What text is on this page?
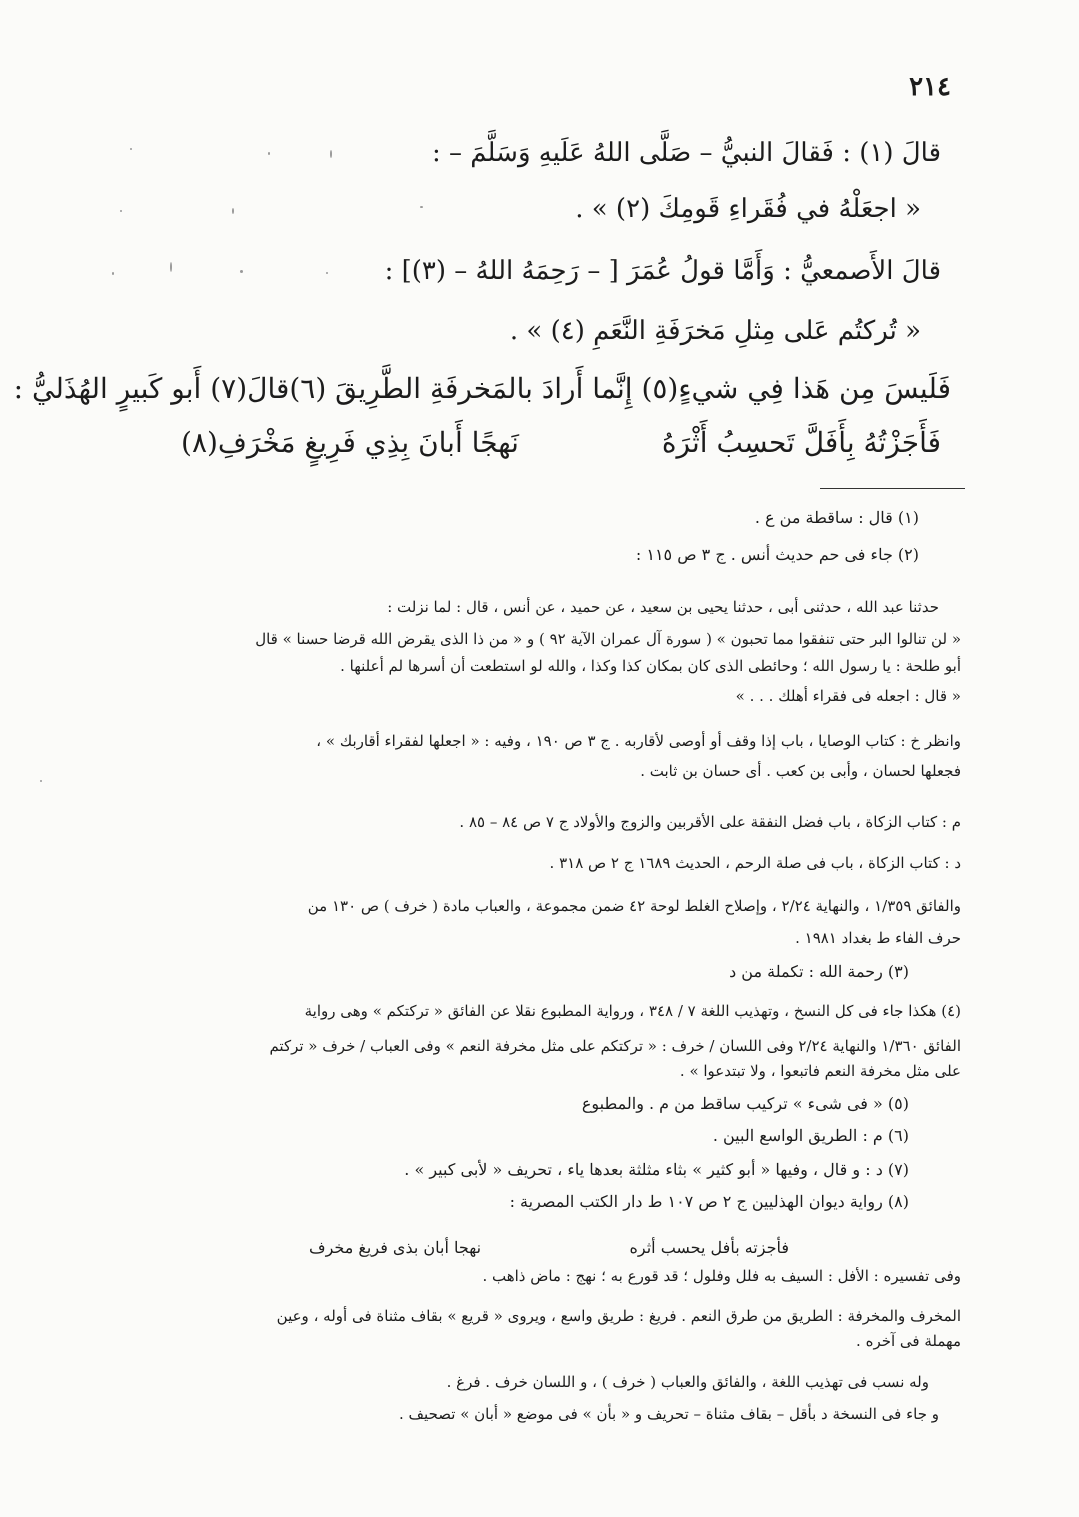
٢١٤
قالَ (١) : فَقالَ النبيُّ – صَلَّى اللهُ عَلَيهِ وَسَلَّمَ – :
« اجعَلْهُ في فُقَراءِ قَومِكَ (٢) » .
قالَ الأَصمعيُّ : وَأَمَّا قولُ عُمَرَ [ – رَحِمَهُ اللهُ – (٣)] :
« تُركتُم عَلى مِثلِ مَخرَفَةِ النَّعَمِ (٤) » .
فَلَيسَ مِن هَذا فِي شيءٍ(٥) إِنَّما أَرادَ بالمَخرفَةِ الطَّرِيقَ (٦)قالَ(٧) أَبو كَبيرٍ الهُذَليُّ :
فَأَجَزْتُهُ بِأَفَلَّ تَحسِبُ أَثْرَهُ
نَهجًا أَبانَ بِذِي فَرِيغٍ مَخْرَفِ(٨)
(١) قال : ساقطة من ع .
(٢) جاء فى حم حديث أنس . ج ٣ ص ١١٥ :
حدثنا عبد الله ، حدثنى أبى ، حدثنا يحيى بن سعيد ، عن حميد ، عن أنس ، قال : لما نزلت :
« لن تنالوا البر حتى تنفقوا مما تحبون » ( سورة آل عمران الآية ٩٢ ) و « من ذا الذى يقرض الله قرضا حسنا » قال
أبو طلحة : يا رسول الله ؛ وحائطى الذى كان بمكان كذا وكذا ، والله لو استطعت أن أسرها لم أعلنها .
« قال : اجعله فى فقراء أهلك . . . »
وانظر خ : كتاب الوصايا ، باب إذا وقف أو أوصى لأقاربه . ج ٣ ص ١٩٠ ، وفيه : « اجعلها لفقراء أقاربك » ،
فجعلها لحسان ، وأبى بن كعب . أى حسان بن ثابت .
م : كتاب الزكاة ، باب فضل النفقة على الأقربين والزوج والأولاد ج ٧ ص ٨٤ – ٨٥ .
د : كتاب الزكاة ، باب فى صلة الرحم ، الحديث ١٦٨٩ ج ٢ ص ٣١٨ .
والفائق ١/٣٥٩ ، والنهاية ٢/٢٤ ، وإصلاح الغلط لوحة ٤٢ ضمن مجموعة ، والعباب مادة ( خرف ) ص ١٣٠ من
حرف الفاء ط بغداد ١٩٨١ .
(٣) رحمة الله : تكملة من د
(٤) هكذا جاء فى كل النسخ ، وتهذيب اللغة ٧ / ٣٤٨ ، ورواية المطبوع نقلا عن الفائق « تركتكم » وهى رواية
الفائق ١/٣٦٠ والنهاية ٢/٢٤ وفى اللسان / خرف : « تركتكم على مثل مخرفة النعم » وفى العباب / خرف « تركتم
على مثل مخرفة النعم فاتبعوا ، ولا تبتدعوا » .
(٥) « فى شىء » تركيب ساقط من م . والمطبوع
(٦) م : الطريق الواسع البين .
(٧) د : و قال ، وفيها « أبو كثير » بثاء مثلثة بعدها ياء ، تحريف « لأبى كبير » .
(٨) رواية ديوان الهذليين ج ٢ ص ١٠٧ ط دار الكتب المصرية :
فأجزته بأفل يحسب أثره
نهجا أبان بذى فريغ مخرف
وفى تفسيره : الأفل : السيف به فلل وفلول ؛ قد قورع به ؛ نهج : ماض ذاهب .
المخرف والمخرفة : الطريق من طرق النعم . فريغ : طريق واسع ، ويروى « قريع » بقاف مثناة فى أوله ، وعين
مهملة فى آخره .
وله نسب فى تهذيب اللغة ، والفائق والعباب ( خرف ) ، و اللسان خرف . فرغ .
و جاء فى النسخة د بأقل – بقاف مثناة – تحريف و « بأن » فى موضع « أبان » تصحيف .
